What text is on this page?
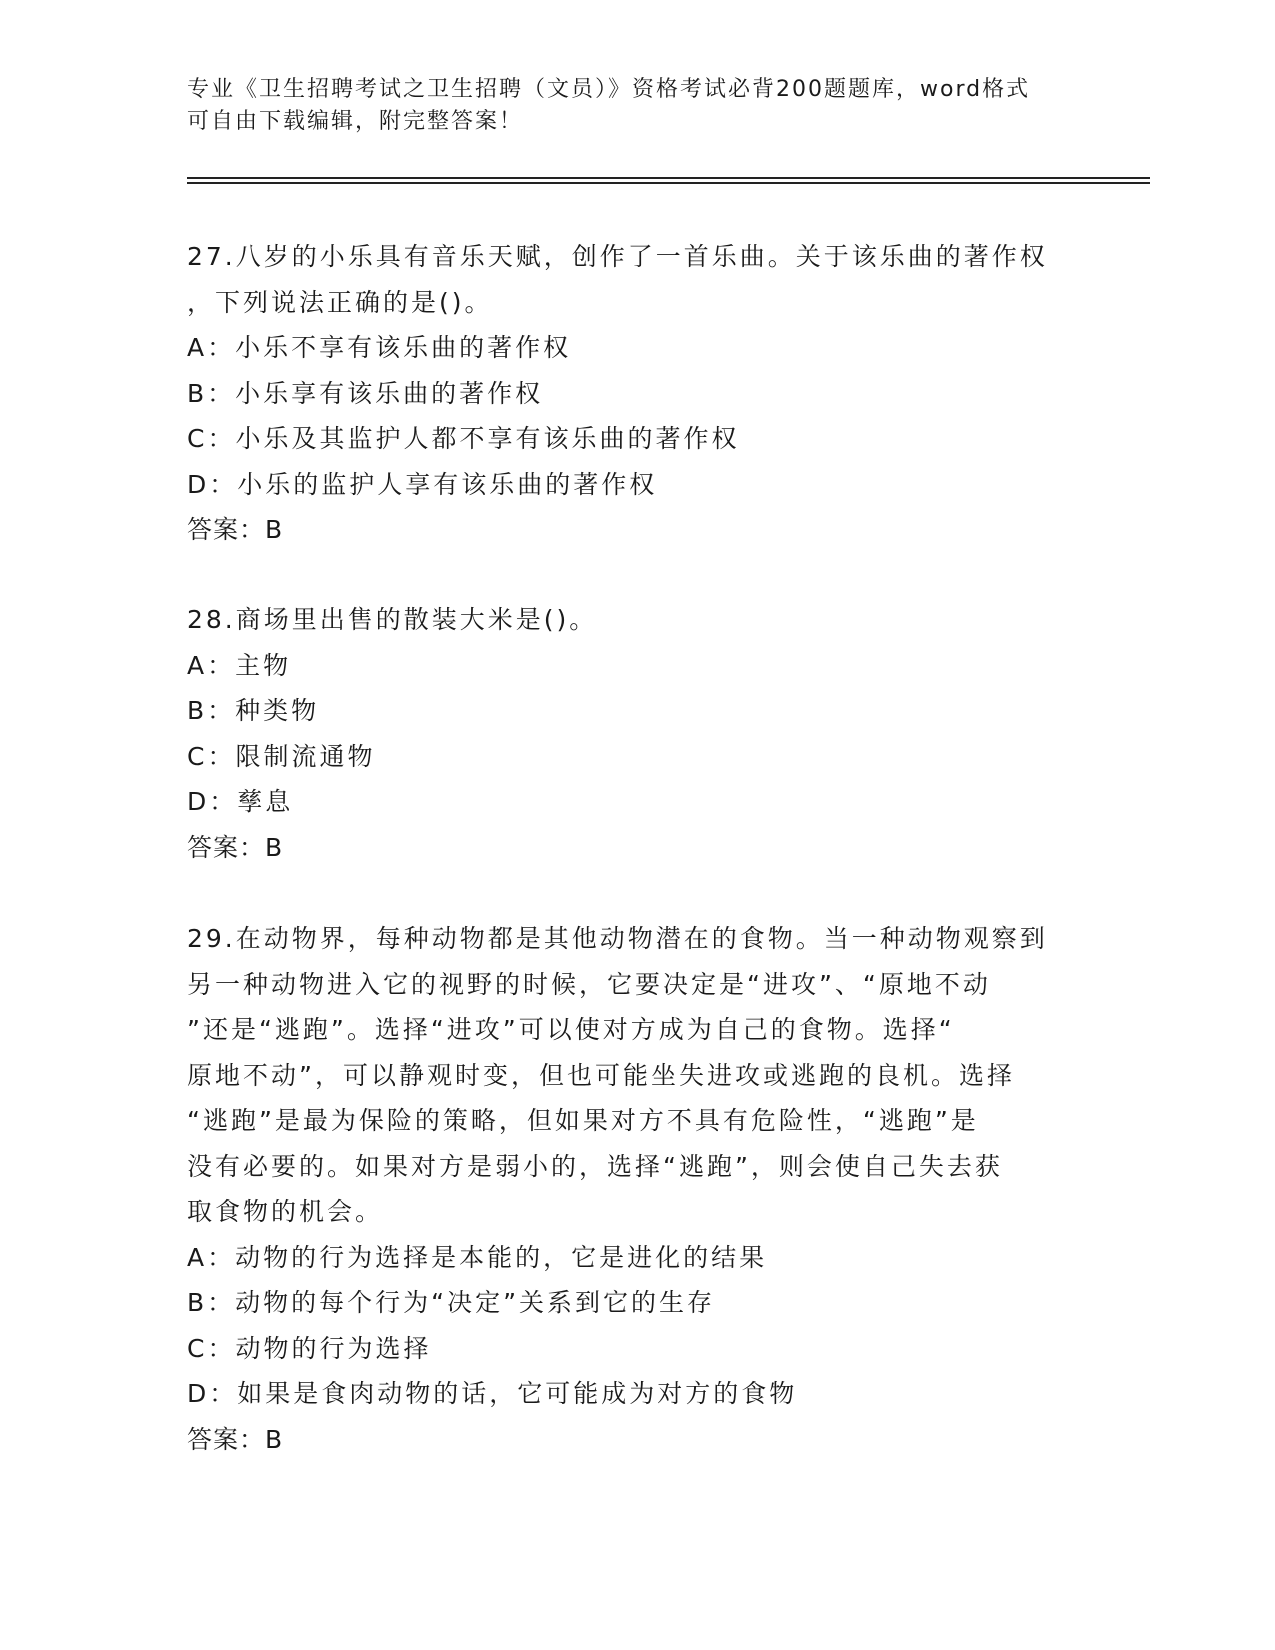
专业《卫生招聘考试之卫生招聘（文员）》资格考试必背200题题库，word格式
可自由下载编辑，附完整答案！
27.八岁的小乐具有音乐天赋，创作了一首乐曲。关于该乐曲的著作权
，下列说法正确的是()。
A：小乐不享有该乐曲的著作权
B：小乐享有该乐曲的著作权
C：小乐及其监护人都不享有该乐曲的著作权
D：小乐的监护人享有该乐曲的著作权
答案：B
28.商场里出售的散装大米是()。
A：主物
B：种类物
C：限制流通物
D：孳息
答案：B
29.在动物界，每种动物都是其他动物潜在的食物。当一种动物观察到
另一种动物进入它的视野的时候，它要决定是“进攻”、“原地不动
”还是“逃跑”。选择“进攻”可以使对方成为自己的食物。选择“
原地不动”，可以静观时变，但也可能坐失进攻或逃跑的良机。选择
“逃跑”是最为保险的策略，但如果对方不具有危险性，“逃跑”是
没有必要的。如果对方是弱小的，选择“逃跑”，则会使自己失去获
取食物的机会。
A：动物的行为选择是本能的，它是进化的结果
B：动物的每个行为“决定”关系到它的生存
C：动物的行为选择
D：如果是食肉动物的话，它可能成为对方的食物
答案：B
